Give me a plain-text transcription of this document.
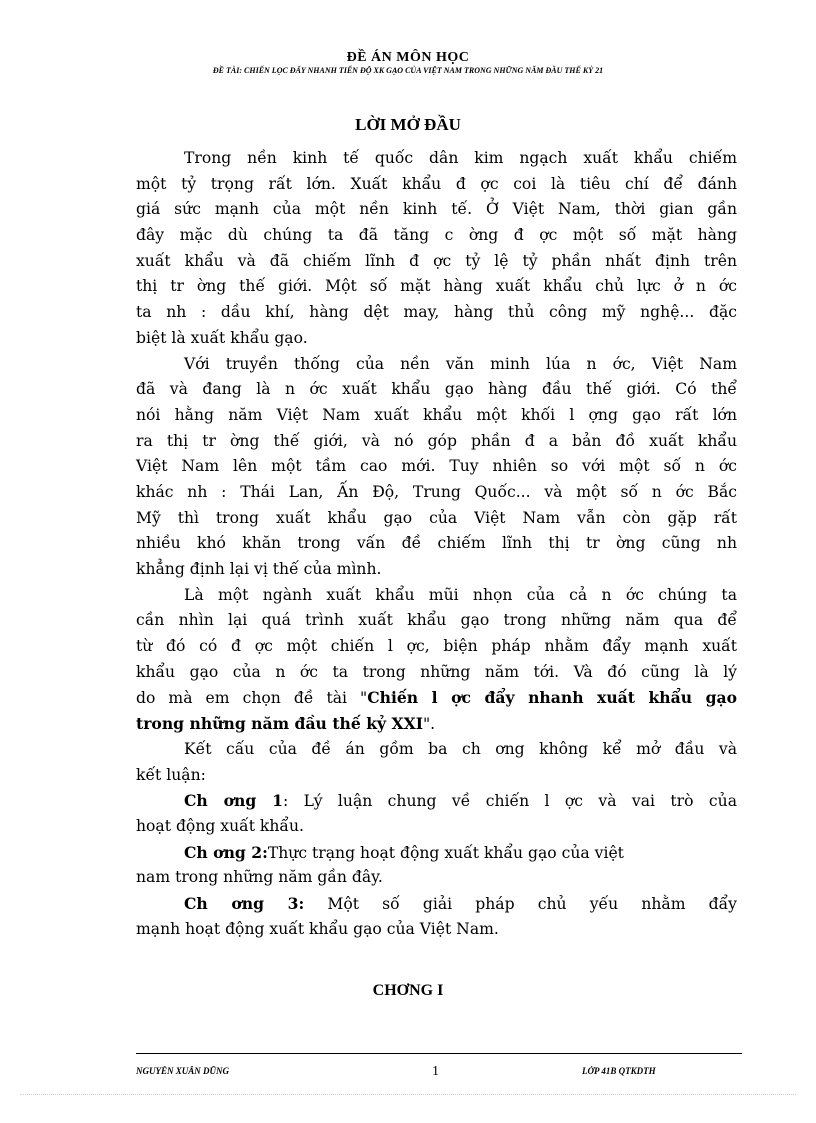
ĐỀ ÁN MÔN HỌC
ĐỀ TÀI: CHIẾN LỌC ĐẨY NHANH TIẾN ĐỘ XK GẠO CỦA VIỆT NAM TRONG NHỮNG NĂM ĐẦU THẾ KỶ 21
LỜI MỞ ĐẦU
Trong nền kinh tế quốc dân kim ngạch xuất khẩu chiếm
một tỷ trọng rất lớn. Xuất khẩu đ ợc coi là tiêu chí để đánh
giá sức mạnh của một nền kinh tế. Ở Việt Nam, thời gian gần
đây mặc dù chúng ta đã tăng c ờng đ ợc một số mặt hàng
xuất khẩu và đã chiếm lĩnh đ ợc tỷ lệ tỷ phần nhất định trên
thị tr ờng thế giới. Một số mặt hàng xuất khẩu chủ lực ở n ớc
ta nh : dầu khí, hàng dệt may, hàng thủ công mỹ nghệ... đặc
biệt là xuất khẩu gạo.
Với truyền thống của nền văn minh lúa n ớc, Việt Nam
đã và đang là n ớc xuất khẩu gạo hàng đầu thế giới. Có thể
nói hằng năm Việt Nam xuất khẩu một khối l ợng gạo rất lớn
ra thị tr ờng thế giới, và nó góp phần đ a bản đồ xuất khẩu
Việt Nam lên một tầm cao mới. Tuy nhiên so với một số n ớc
khác nh : Thái Lan, Ấn Độ, Trung Quốc... và một số n ớc Bắc
Mỹ thì trong xuất khẩu gạo của Việt Nam vẫn còn gặp rất
nhiều khó khăn trong vấn đề chiếm lĩnh thị tr ờng cũng nh
khẳng định lại vị thế của mình.
Là một ngành xuất khẩu mũi nhọn của cả n ớc chúng ta
cần nhìn lại quá trình xuất khẩu gạo trong những năm qua để
từ đó có đ ợc một chiến l ợc, biện pháp nhằm đẩy mạnh xuất
khẩu gạo của n ớc ta trong những năm tới. Và đó cũng là lý
do mà em chọn đề tài "Chiến l ợc đẩy nhanh xuất khẩu gạo
trong những năm đầu thế kỷ XXI".
Kết cấu của đề án gồm ba ch ơng không kể mở đầu và
kết luận:
Ch ơng 1: Lý luận chung về chiến l ợc và vai trò của
hoạt động xuất khẩu.
Ch ơng 2:Thực trạng hoạt động xuất khẩu gạo của việt
nam trong những năm gần đây.
Ch ơng 3: Một số giải pháp chủ yếu nhằm đẩy
mạnh hoạt động xuất khẩu gạo của Việt Nam.
CHƠNG I
NGUYỄN XUÂN DŨNG	1	LỚP 41B QTKDTH
